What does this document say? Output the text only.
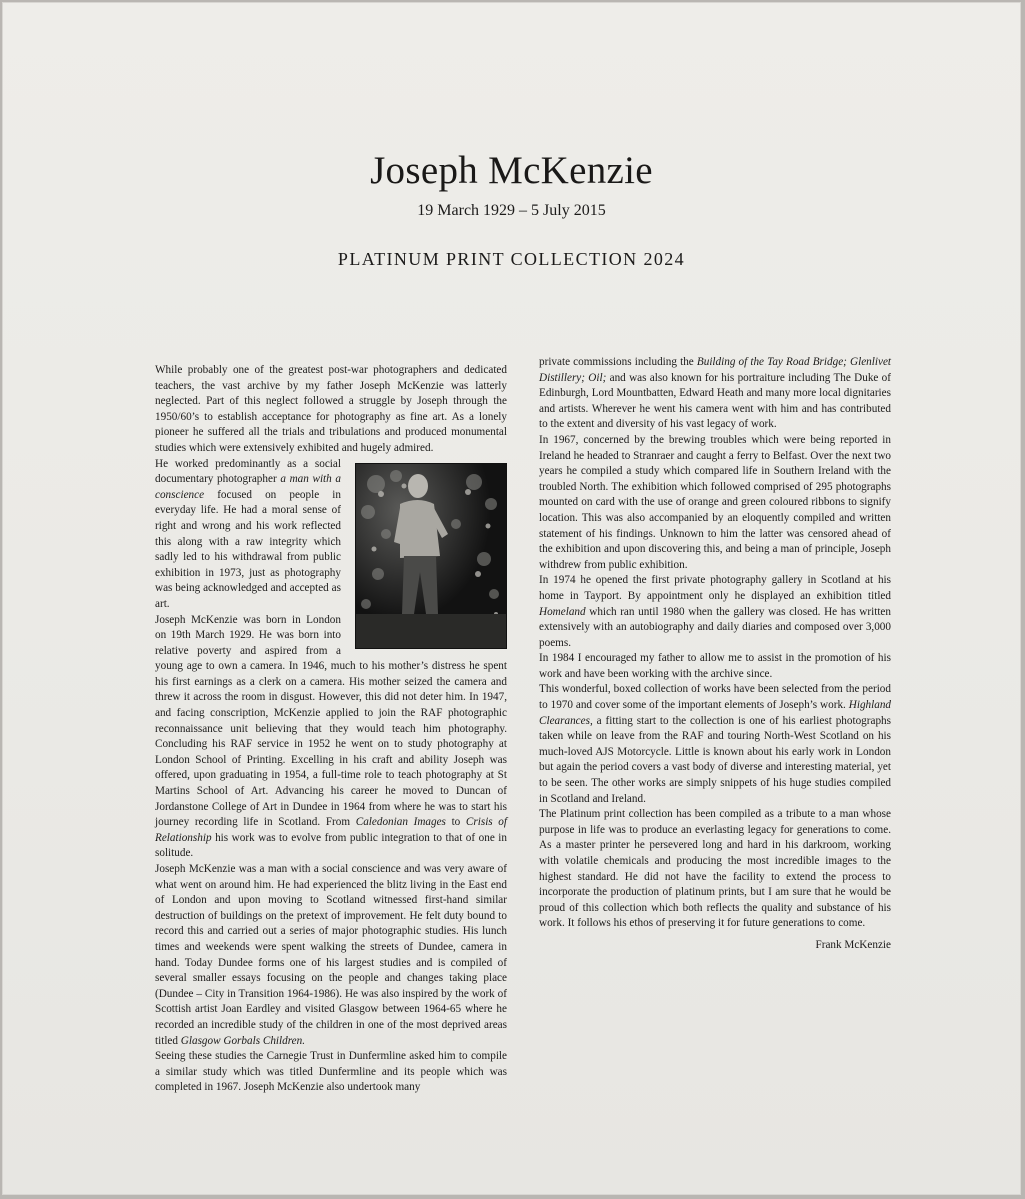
Joseph McKenzie
19 March 1929 – 5 July 2015
PLATINUM PRINT COLLECTION 2024

While probably one of the greatest post-war photographers and dedicated teachers, the vast archive by my father Joseph McKenzie was latterly neglected. Part of this neglect followed a struggle by Joseph through the 1950/60’s to establish acceptance for photography as fine art. As a lonely pioneer he suffered all the trials and tribulations and produced monumental studies which were extensively exhibited and hugely admired.

He worked predominantly as a social documentary photographer a man with a conscience focused on people in everyday life. He had a moral sense of right and wrong and his work reflected this along with a raw integrity which sadly led to his withdrawal from public exhibition in 1973, just as photography was being acknowledged and accepted as art.

Joseph McKenzie was born in London on 19th March 1929. He was born into relative poverty and aspired from a young age to own a camera. In 1946, much to his mother’s distress he spent his first earnings as a clerk on a camera. His mother seized the camera and threw it across the room in disgust. However, this did not deter him. In 1947, and facing conscription, McKenzie applied to join the RAF photographic reconnaissance unit believing that they would teach him photography. Concluding his RAF service in 1952 he went on to study photography at London School of Printing. Excelling in his craft and ability Joseph was offered, upon graduating in 1954, a full-time role to teach photography at St Martins School of Art. Advancing his career he moved to Duncan of Jordanstone College of Art in Dundee in 1964 from where he was to start his journey recording life in Scotland. From Caledonian Images to Crisis of Relationship his work was to evolve from public integration to that of one in solitude.

Joseph McKenzie was a man with a social conscience and was very aware of what went on around him. He had experienced the blitz living in the East end of London and upon moving to Scotland witnessed first-hand similar destruction of buildings on the pretext of improvement. He felt duty bound to record this and carried out a series of major photographic studies. His lunch times and weekends were spent walking the streets of Dundee, camera in hand. Today Dundee forms one of his largest studies and is compiled of several smaller essays focusing on the people and changes taking place (Dundee – City in Transition 1964-1986). He was also inspired by the work of Scottish artist Joan Eardley and visited Glasgow between 1964-65 where he recorded an incredible study of the children in one of the most deprived areas titled Glasgow Gorbals Children.

Seeing these studies the Carnegie Trust in Dunfermline asked him to compile a similar study which was titled Dunfermline and its people which was completed in 1967. Joseph McKenzie also undertook many

private commissions including the Building of the Tay Road Bridge; Glenlivet Distillery; Oil; and was also known for his portraiture including The Duke of Edinburgh, Lord Mountbatten, Edward Heath and many more local dignitaries and artists. Wherever he went his camera went with him and has contributed to the extent and diversity of his vast legacy of work.

In 1967, concerned by the brewing troubles which were being reported in Ireland he headed to Stranraer and caught a ferry to Belfast. Over the next two years he compiled a study which compared life in Southern Ireland with the troubled North. The exhibition which followed comprised of 295 photographs mounted on card with the use of orange and green coloured ribbons to signify location. This was also accompanied by an eloquently compiled and written statement of his findings. Unknown to him the latter was censored ahead of the exhibition and upon discovering this, and being a man of principle, Joseph withdrew from public exhibition.

In 1974 he opened the first private photography gallery in Scotland at his home in Tayport. By appointment only he displayed an exhibition titled Homeland which ran until 1980 when the gallery was closed. He has written extensively with an autobiography and daily diaries and composed over 3,000 poems.

In 1984 I encouraged my father to allow me to assist in the promotion of his work and have been working with the archive since.

This wonderful, boxed collection of works have been selected from the period to 1970 and cover some of the important elements of Joseph’s work. Highland Clearances, a fitting start to the collection is one of his earliest photographs taken while on leave from the RAF and touring North-West Scotland on his much-loved AJS Motorcycle. Little is known about his early work in London but again the period covers a vast body of diverse and interesting material, yet to be seen. The other works are simply snippets of his huge studies compiled in Scotland and Ireland.

The Platinum print collection has been compiled as a tribute to a man whose purpose in life was to produce an everlasting legacy for generations to come. As a master printer he persevered long and hard in his darkroom, working with volatile chemicals and producing the most incredible images to the highest standard. He did not have the facility to extend the process to incorporate the production of platinum prints, but I am sure that he would be proud of this collection which both reflects the quality and substance of his work. It follows his ethos of preserving it for future generations to come.

Frank McKenzie
